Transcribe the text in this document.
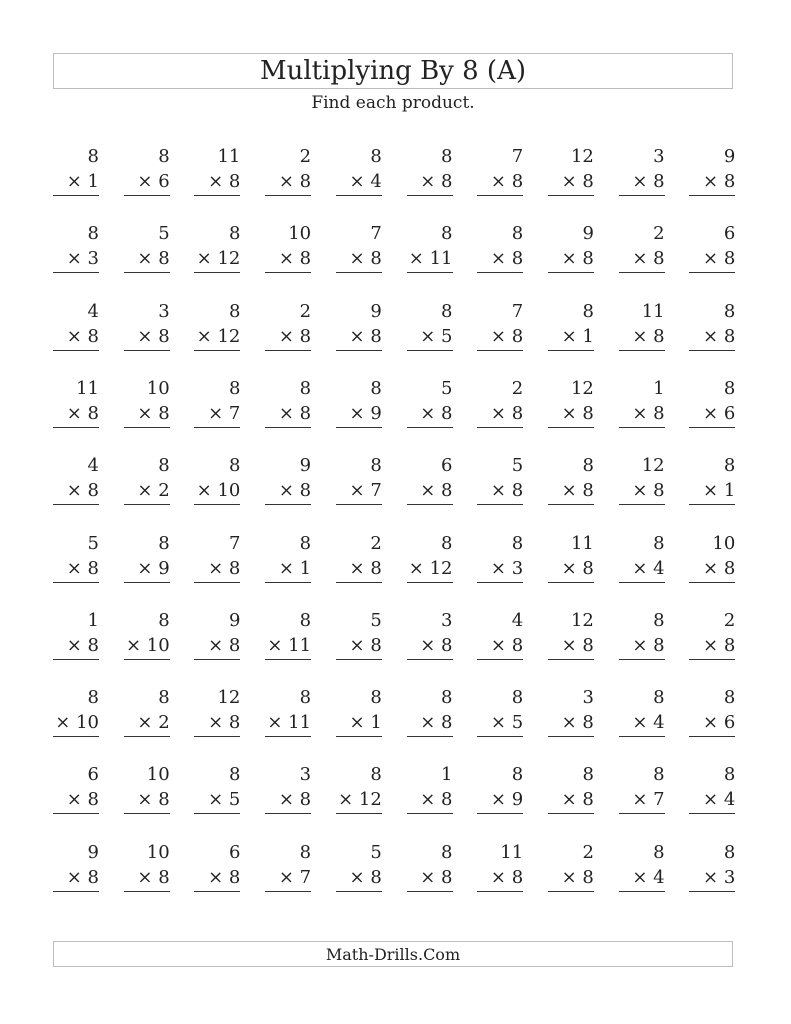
Multiplying By 8 (A)
Find each product.
8
× 1
8
× 6
11
× 8
2
× 8
8
× 4
8
× 8
7
× 8
12
× 8
3
× 8
9
× 8
8
× 3
5
× 8
8
× 12
10
× 8
7
× 8
8
× 11
8
× 8
9
× 8
2
× 8
6
× 8
4
× 8
3
× 8
8
× 12
2
× 8
9
× 8
8
× 5
7
× 8
8
× 1
11
× 8
8
× 8
11
× 8
10
× 8
8
× 7
8
× 8
8
× 9
5
× 8
2
× 8
12
× 8
1
× 8
8
× 6
4
× 8
8
× 2
8
× 10
9
× 8
8
× 7
6
× 8
5
× 8
8
× 8
12
× 8
8
× 1
5
× 8
8
× 9
7
× 8
8
× 1
2
× 8
8
× 12
8
× 3
11
× 8
8
× 4
10
× 8
1
× 8
8
× 10
9
× 8
8
× 11
5
× 8
3
× 8
4
× 8
12
× 8
8
× 8
2
× 8
8
× 10
8
× 2
12
× 8
8
× 11
8
× 1
8
× 8
8
× 5
3
× 8
8
× 4
8
× 6
6
× 8
10
× 8
8
× 5
3
× 8
8
× 12
1
× 8
8
× 9
8
× 8
8
× 7
8
× 4
9
× 8
10
× 8
6
× 8
8
× 7
5
× 8
8
× 8
11
× 8
2
× 8
8
× 4
8
× 3
Math-Drills.Com
